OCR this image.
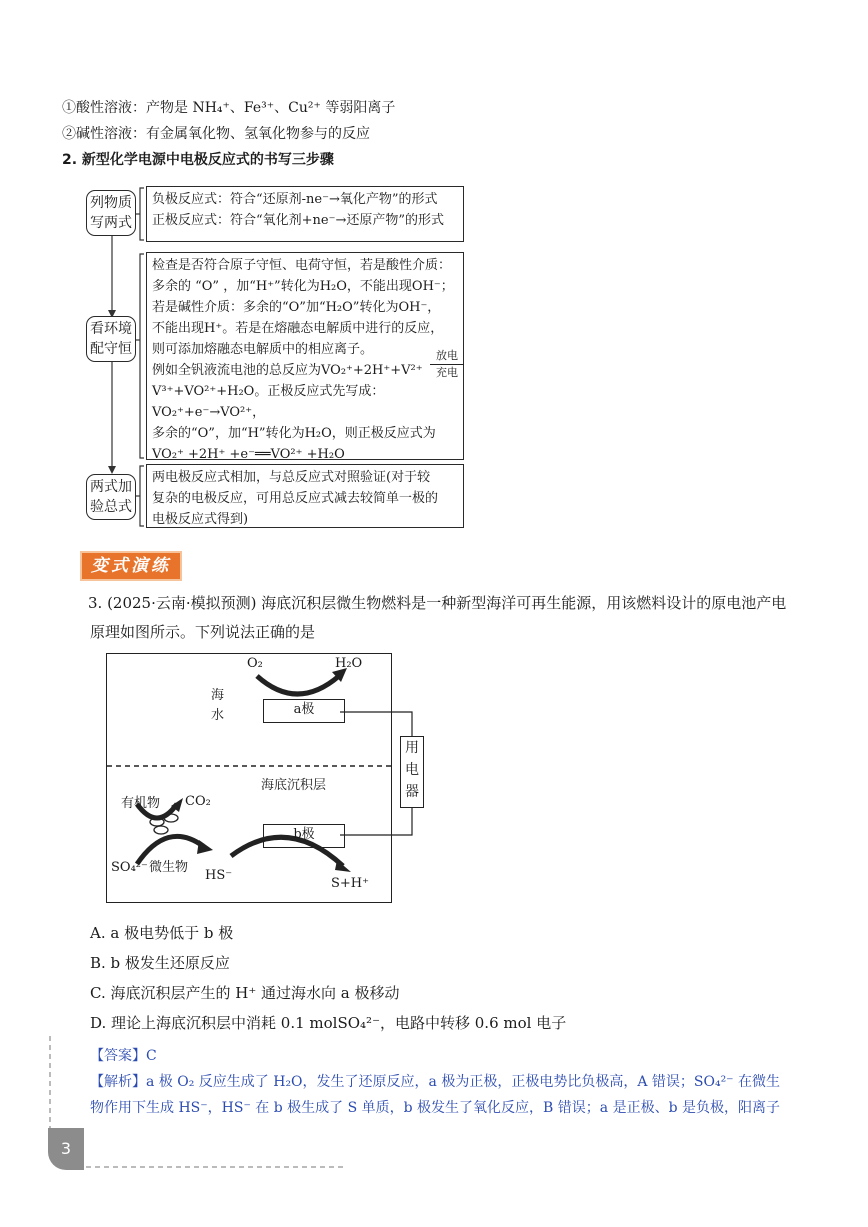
①酸性溶液：产物是 NH₄⁺、Fe³⁺、Cu²⁺ 等弱阳离子
②碱性溶液：有金属氧化物、氢氧化物参与的反应
2. 新型化学电源中电极反应式的书写三步骤
列物质
写两式
负极反应式：符合“还原剂-ne⁻→氧化产物”的形式
正极反应式：符合“氧化剂+ne⁻→还原产物”的形式
看环境
配守恒
检查是否符合原子守恒、电荷守恒，若是酸性介质：
多余的 “O” ，加“H⁺”转化为H₂O，不能出现OH⁻；
若是碱性介质：多余的“O”加“H₂O”转化为OH⁻，
不能出现H⁺。若是在熔融态电解质中进行的反应，
则可添加熔融态电解质中的相应离子。
例如全钒液流电池的总反应为VO₂⁺+2H⁺+V²⁺
放电
充电
V³⁺+VO²⁺+H₂O。正极反应式先写成：VO₂⁺+e⁻→VO²⁺，
多余的“O”，加“H”转化为H₂O，则正极反应式为
VO₂⁺ +2H⁺ +e⁻══VO²⁺ +H₂O
两式加
验总式
两电极反应式相加，与总反应式对照验证(对于较
复杂的电极反应，可用总反应式减去较简单一极的
电极反应式得到)
变式演练
3. (2025·云南·模拟预测) 海底沉积层微生物燃料是一种新型海洋可再生能源，用该燃料设计的原电池产电
原理如图所示。下列说法正确的是
海
水
O₂	H₂O
a极
海底沉积层
有机物 CO₂
SO₄²⁻ 微生物
HS⁻
b极
S+H⁺
用
电
器
A. a 极电势低于 b 极
B. b 极发生还原反应
C. 海底沉积层产生的 H⁺ 通过海水向 a 极移动
D. 理论上海底沉积层中消耗 0.1 molSO₄²⁻，电路中转移 0.6 mol 电子
【答案】C
【解析】a 极 O₂ 反应生成了 H₂O，发生了还原反应，a 极为正极，正极电势比负极高，A 错误；SO₄²⁻ 在微生
物作用下生成 HS⁻，HS⁻ 在 b 极生成了 S 单质，b 极发生了氧化反应，B 错误；a 是正极、b 是负极，阳离子
3
